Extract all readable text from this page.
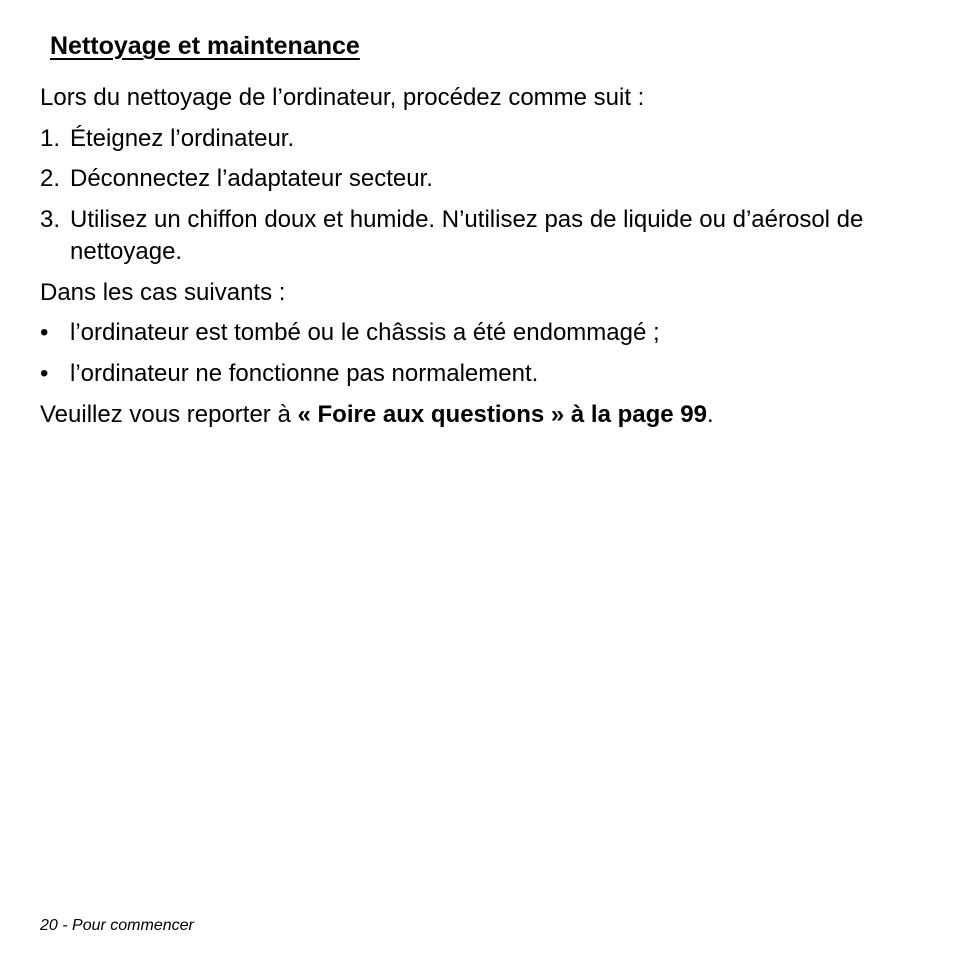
Nettoyage et maintenance

Lors du nettoyage de l’ordinateur, procédez comme suit :

1. Éteignez l’ordinateur.
2. Déconnectez l’adaptateur secteur.
3. Utilisez un chiffon doux et humide. N’utilisez pas de liquide ou d’aérosol de nettoyage.

Dans les cas suivants :

• l’ordinateur est tombé ou le châssis a été endommagé ;
• l’ordinateur ne fonctionne pas normalement.

Veuillez vous reporter à « Foire aux questions » à la page 99.

20 - Pour commencer
